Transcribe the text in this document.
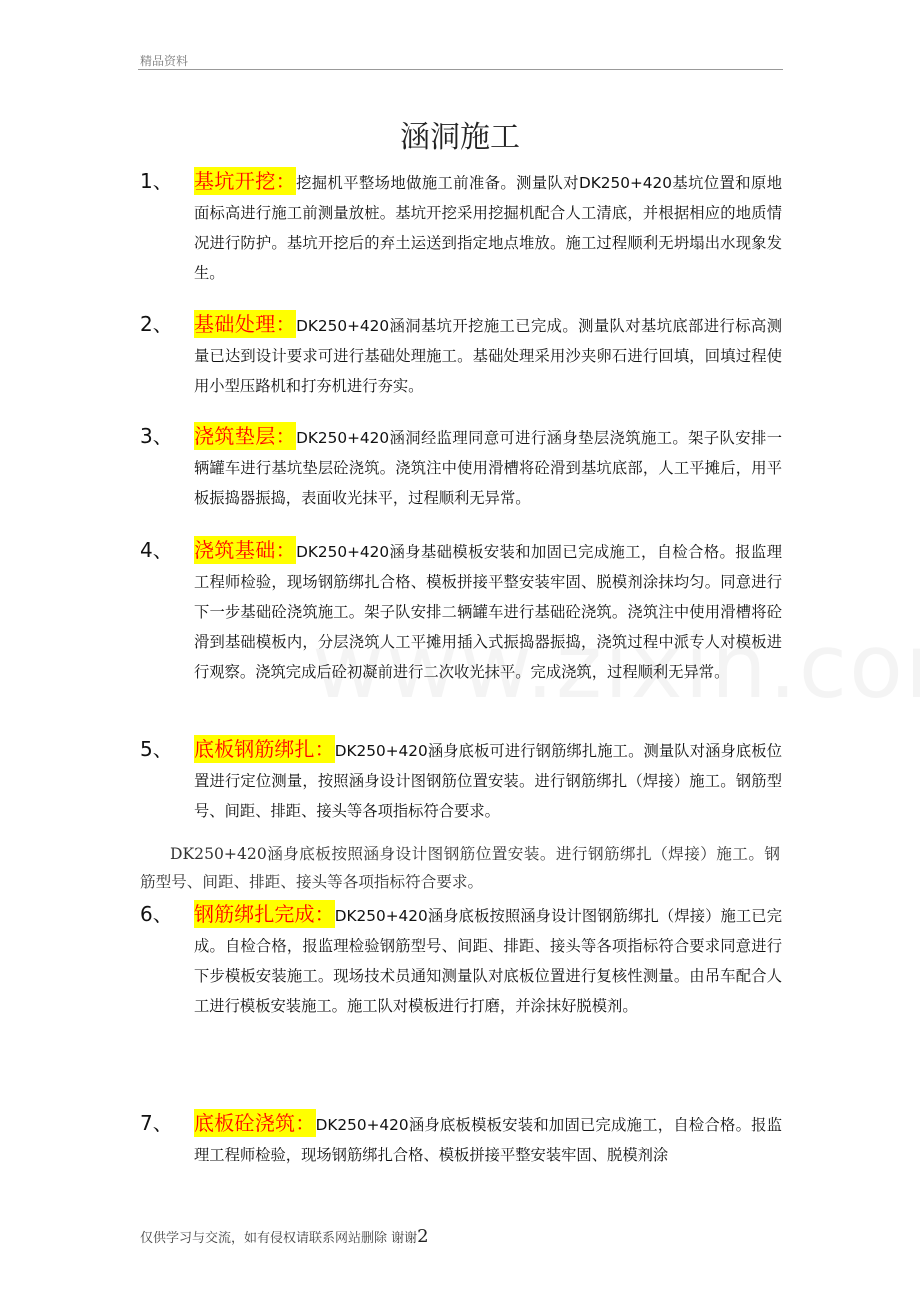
精品资料
涵洞施工
1、 基坑开挖：挖掘机平整场地做施工前准备。测量队对DK250+420基坑位置和原地面标高进行施工前测量放桩。基坑开挖采用挖掘机配合人工清底，并根据相应的地质情况进行防护。基坑开挖后的弃土运送到指定地点堆放。施工过程顺利无坍塌出水现象发生。
2、 基础处理：DK250+420涵洞基坑开挖施工已完成。测量队对基坑底部进行标高测量已达到设计要求可进行基础处理施工。基础处理采用沙夹卵石进行回填，回填过程使用小型压路机和打夯机进行夯实。
3、 浇筑垫层：DK250+420涵洞经监理同意可进行涵身垫层浇筑施工。架子队安排一辆罐车进行基坑垫层砼浇筑。浇筑注中使用滑槽将砼滑到基坑底部，人工平摊后，用平板振捣器振捣，表面收光抹平，过程顺利无异常。
4、 浇筑基础：DK250+420涵身基础模板安装和加固已完成施工，自检合格。报监理工程师检验，现场钢筋绑扎合格、模板拼接平整安装牢固、脱模剂涂抹均匀。同意进行下一步基础砼浇筑施工。架子队安排二辆罐车进行基础砼浇筑。浇筑注中使用滑槽将砼滑到基础模板内，分层浇筑人工平摊用插入式振捣器振捣，浇筑过程中派专人对模板进行观察。浇筑完成后砼初凝前进行二次收光抹平。完成浇筑，过程顺利无异常。
5、 底板钢筋绑扎：DK250+420涵身底板可进行钢筋绑扎施工。测量队对涵身底板位置进行定位测量，按照涵身设计图钢筋位置安装。进行钢筋绑扎（焊接）施工。钢筋型号、间距、排距、接头等各项指标符合要求。
DK250+420涵身底板按照涵身设计图钢筋位置安装。进行钢筋绑扎（焊接）施工。钢筋型号、间距、排距、接头等各项指标符合要求。
6、 钢筋绑扎完成：DK250+420涵身底板按照涵身设计图钢筋绑扎（焊接）施工已完成。自检合格，报监理检验钢筋型号、间距、排距、接头等各项指标符合要求同意进行下步模板安装施工。现场技术员通知测量队对底板位置进行复核性测量。由吊车配合人工进行模板安装施工。施工队对模板进行打磨，并涂抹好脱模剂。
7、 底板砼浇筑：DK250+420涵身底板模板安装和加固已完成施工，自检合格。报监理工程师检验，现场钢筋绑扎合格、模板拼接平整安装牢固、脱模剂涂
仅供学习与交流，如有侵权请联系网站删除 谢谢2
